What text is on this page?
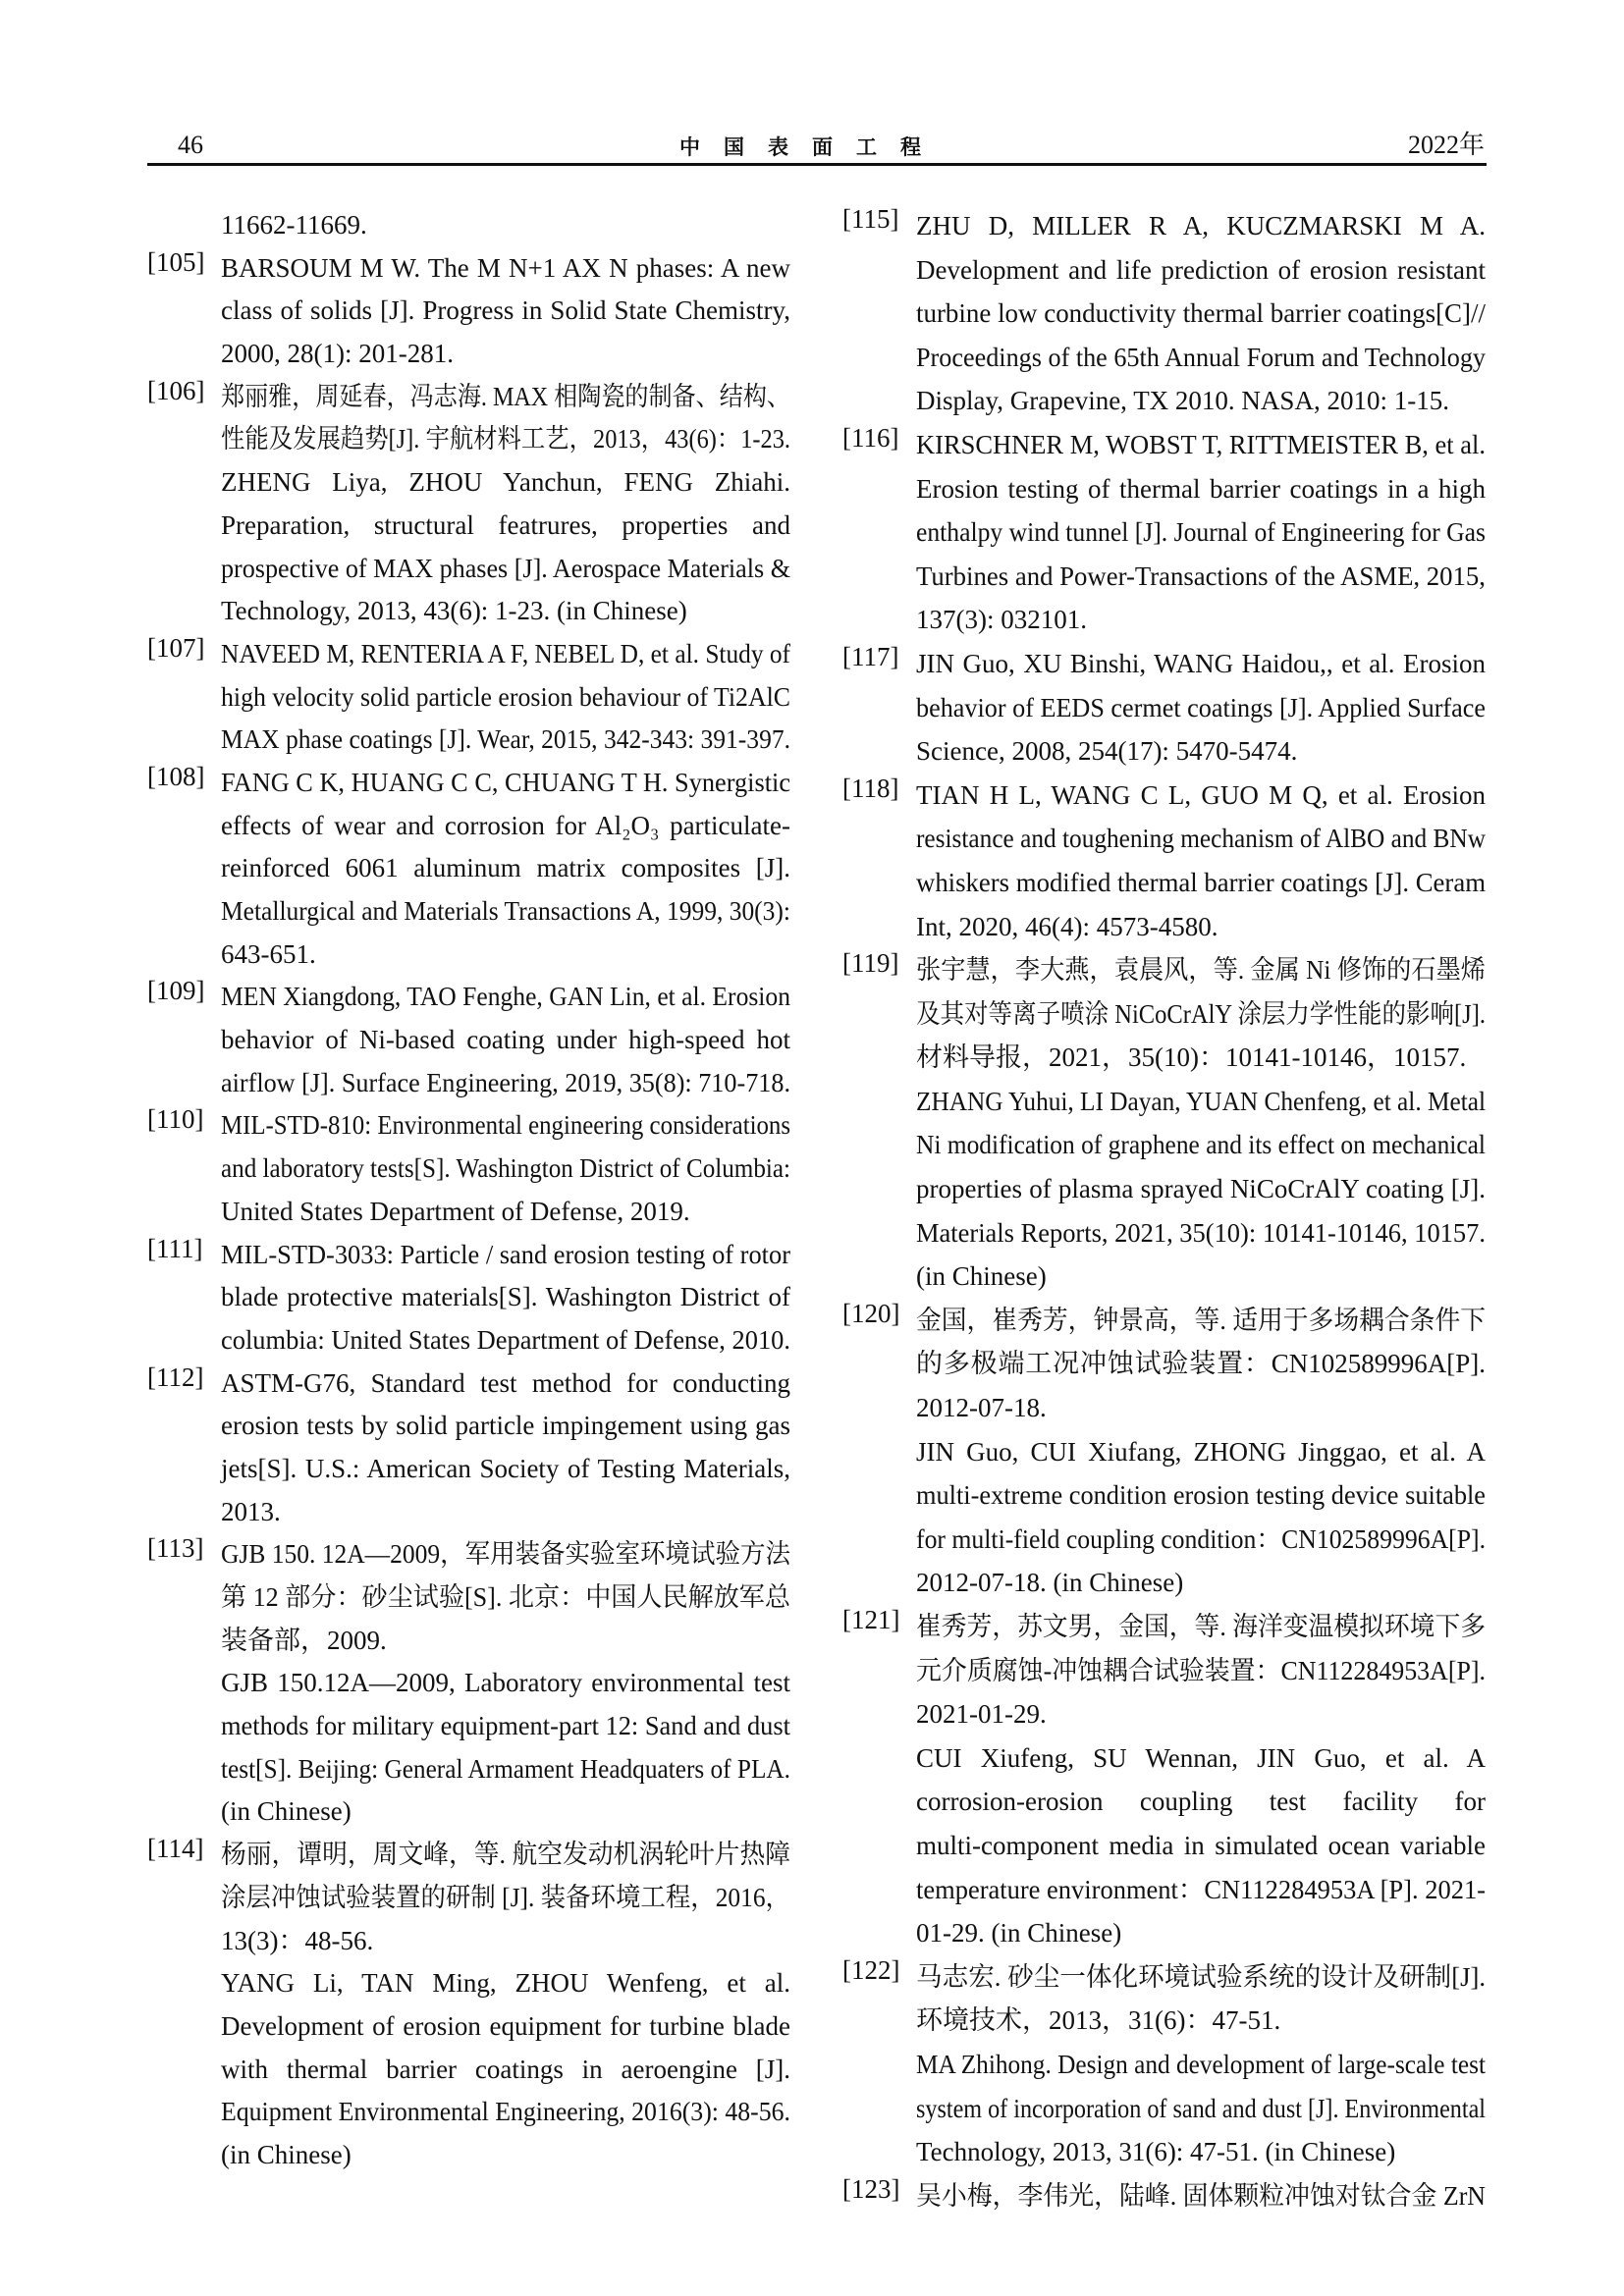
46	中国表面工程	2022年
11662-11669.
[105] BARSOUM M W. The M N+1 AX N phases: A new
class of solids [J]. Progress in Solid State Chemistry,
2000, 28(1): 201-281.
[106] 郑丽雅，周延春，冯志海. MAX 相陶瓷的制备、结构、
性能及发展趋势[J]. 宇航材料工艺，2013，43(6)：1-23.
ZHENG Liya, ZHOU Yanchun, FENG Zhiahi.
Preparation, structural featrures, properties and
prospective of MAX phases [J]. Aerospace Materials &
Technology, 2013, 43(6): 1-23. (in Chinese)
[107] NAVEED M, RENTERIA A F, NEBEL D, et al. Study of
high velocity solid particle erosion behaviour of Ti2AlC
MAX phase coatings [J]. Wear, 2015, 342-343: 391-397.
[108] FANG C K, HUANG C C, CHUANG T H. Synergistic
effects of wear and corrosion for Al₂O₃ particulate-
reinforced 6061 aluminum matrix composites [J].
Metallurgical and Materials Transactions A, 1999, 30(3):
643-651.
[109] MEN Xiangdong, TAO Fenghe, GAN Lin, et al. Erosion
behavior of Ni-based coating under high-speed hot
airflow [J]. Surface Engineering, 2019, 35(8): 710-718.
[110] MIL-STD-810: Environmental engineering considerations
and laboratory tests[S]. Washington District of Columbia:
United States Department of Defense, 2019.
[111] MIL-STD-3033: Particle / sand erosion testing of rotor
blade protective materials[S]. Washington District of
columbia: United States Department of Defense, 2010.
[112] ASTM-G76, Standard test method for conducting
erosion tests by solid particle impingement using gas
jets[S]. U.S.: American Society of Testing Materials,
2013.
[113] GJB 150. 12A—2009，军用装备实验室环境试验方法
第 12 部分：砂尘试验[S]. 北京：中国人民解放军总
装备部，2009.
GJB 150.12A—2009, Laboratory environmental test
methods for military equipment-part 12: Sand and dust
test[S]. Beijing: General Armament Headquaters of PLA.
(in Chinese)
[114] 杨丽，谭明，周文峰，等. 航空发动机涡轮叶片热障
涂层冲蚀试验装置的研制 [J]. 装备环境工程，2016，
13(3)：48-56.
YANG Li, TAN Ming, ZHOU Wenfeng, et al.
Development of erosion equipment for turbine blade
with thermal barrier coatings in aeroengine [J].
Equipment Environmental Engineering, 2016(3): 48-56.
(in Chinese)
[115] ZHU D, MILLER R A, KUCZMARSKI M A.
Development and life prediction of erosion resistant
turbine low conductivity thermal barrier coatings[C]//
Proceedings of the 65th Annual Forum and Technology
Display, Grapevine, TX 2010. NASA, 2010: 1-15.
[116] KIRSCHNER M, WOBST T, RITTMEISTER B, et al.
Erosion testing of thermal barrier coatings in a high
enthalpy wind tunnel [J]. Journal of Engineering for Gas
Turbines and Power-Transactions of the ASME, 2015,
137(3): 032101.
[117] JIN Guo, XU Binshi, WANG Haidou,, et al. Erosion
behavior of EEDS cermet coatings [J]. Applied Surface
Science, 2008, 254(17): 5470-5474.
[118] TIAN H L, WANG C L, GUO M Q, et al. Erosion
resistance and toughening mechanism of AlBO and BNw
whiskers modified thermal barrier coatings [J]. Ceram
Int, 2020, 46(4): 4573-4580.
[119] 张宇慧，李大燕，袁晨风，等. 金属 Ni 修饰的石墨烯
及其对等离子喷涂 NiCoCrAlY 涂层力学性能的影响[J].
材料导报，2021，35(10)：10141-10146，10157.
ZHANG Yuhui, LI Dayan, YUAN Chenfeng, et al. Metal
Ni modification of graphene and its effect on mechanical
properties of plasma sprayed NiCoCrAlY coating [J].
Materials Reports, 2021, 35(10): 10141-10146, 10157.
(in Chinese)
[120] 金国，崔秀芳，钟景高，等. 适用于多场耦合条件下
的多极端工况冲蚀试验装置：CN102589996A[P].
2012-07-18.
JIN Guo, CUI Xiufang, ZHONG Jinggao, et al. A
multi-extreme condition erosion testing device suitable
for multi-field coupling condition：CN102589996A[P].
2012-07-18. (in Chinese)
[121] 崔秀芳，苏文男，金国，等. 海洋变温模拟环境下多
元介质腐蚀-冲蚀耦合试验装置：CN112284953A[P].
2021-01-29.
CUI Xiufeng, SU Wennan, JIN Guo, et al. A
corrosion-erosion coupling test facility for
multi-component media in simulated ocean variable
temperature environment：CN112284953A [P]. 2021-
01-29. (in Chinese)
[122] 马志宏. 砂尘一体化环境试验系统的设计及研制[J].
环境技术，2013，31(6)：47-51.
MA Zhihong. Design and development of large-scale test
system of incorporation of sand and dust [J]. Environmental
Technology, 2013, 31(6): 47-51. (in Chinese)
[123] 吴小梅，李伟光，陆峰. 固体颗粒冲蚀对钛合金 ZrN
